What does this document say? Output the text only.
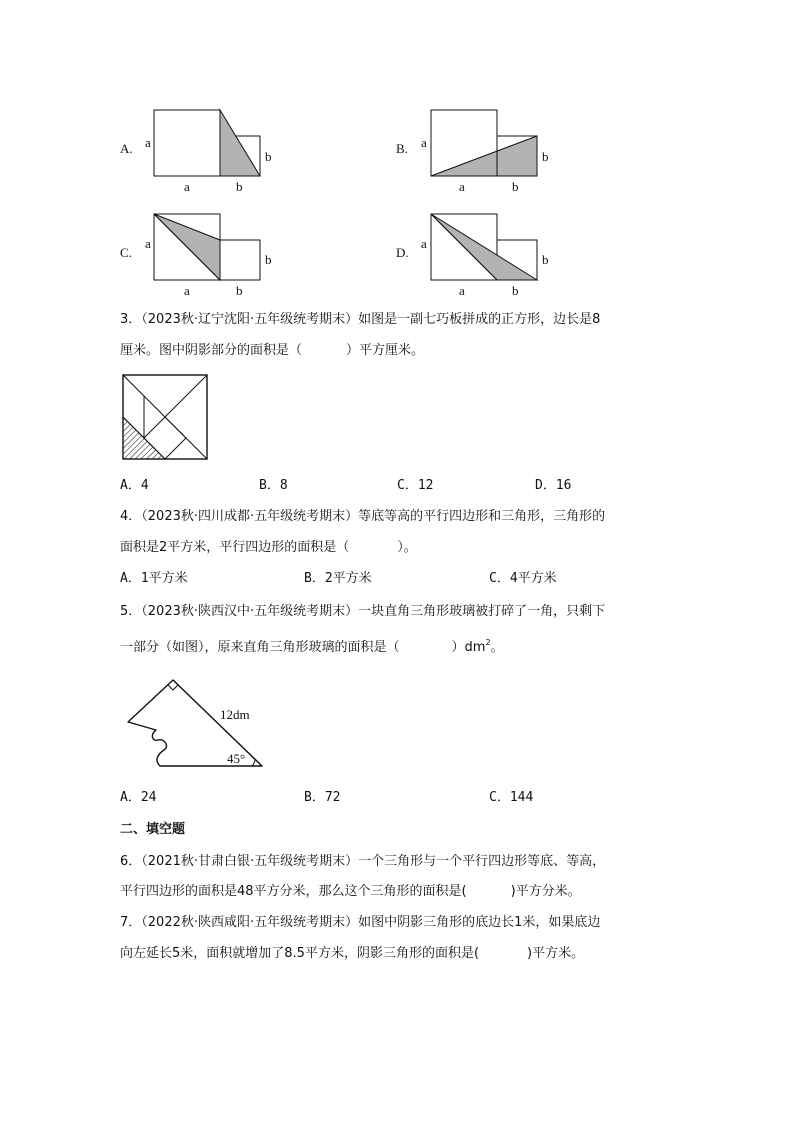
A. a
b
a	b
B. a
b
a	b
C.
a
b
a	b
D.
a
b
a	b
3．（2023秋·辽宁沈阳·五年级统考期末）如图是一副七巧板拼成的正方形，边长是8
厘米。图中阴影部分的面积是（	）平方厘米。
A．4	B．8	C．12	D．16
4．（2023秋·四川成都·五年级统考期末）等底等高的平行四边形和三角形，三角形的
面积是2平方米，平行四边形的面积是（	）。
A．1平方米	B．2平方米	C．4平方米
5．（2023秋·陕西汉中·五年级统考期末）一块直角三角形玻璃被打碎了一角，只剩下
一部分（如图），原来直角三角形玻璃的面积是（	）$dm^2$。
12dm
45°
A．24	B．72	C．144
二、填空题
6．（2021秋·甘肃白银·五年级统考期末）一个三角形与一个平行四边形等底、等高，
平行四边形的面积是48平方分米，那么这个三角形的面积是(	)平方分米。
7．（2022秋·陕西咸阳·五年级统考期末）如图中阴影三角形的底边长1米，如果底边
向左延长5米，面积就增加了8.5平方米，阴影三角形的面积是(	)平方米。
